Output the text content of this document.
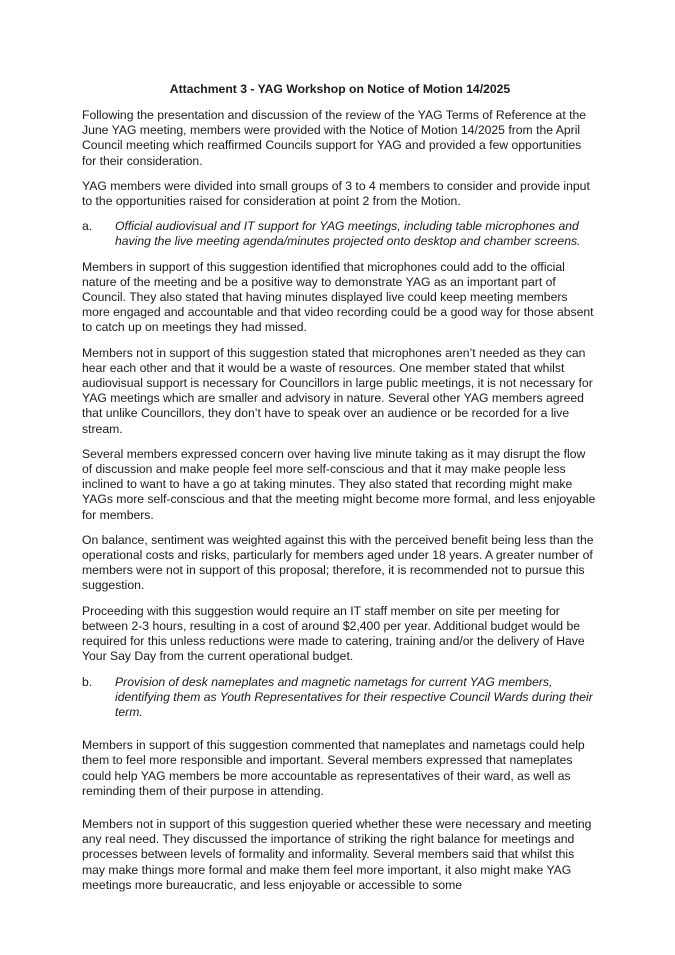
Attachment 3 - YAG Workshop on Notice of Motion 14/2025

Following the presentation and discussion of the review of the YAG Terms of Reference at the June YAG meeting, members were provided with the Notice of Motion 14/2025 from the April Council meeting which reaffirmed Councils support for YAG and provided a few opportunities for their consideration.

YAG members were divided into small groups of 3 to 4 members to consider and provide input to the opportunities raised for consideration at point 2 from the Motion.

a.	Official audiovisual and IT support for YAG meetings, including table microphones and having the live meeting agenda/minutes projected onto desktop and chamber screens.

Members in support of this suggestion identified that microphones could add to the official nature of the meeting and be a positive way to demonstrate YAG as an important part of Council. They also stated that having minutes displayed live could keep meeting members more engaged and accountable and that video recording could be a good way for those absent to catch up on meetings they had missed.

Members not in support of this suggestion stated that microphones aren’t needed as they can hear each other and that it would be a waste of resources. One member stated that whilst audiovisual support is necessary for Councillors in large public meetings, it is not necessary for YAG meetings which are smaller and advisory in nature. Several other YAG members agreed that unlike Councillors, they don’t have to speak over an audience or be recorded for a live stream.

Several members expressed concern over having live minute taking as it may disrupt the flow of discussion and make people feel more self-conscious and that it may make people less inclined to want to have a go at taking minutes. They also stated that recording might make YAGs more self-conscious and that the meeting might become more formal, and less enjoyable for members.

On balance, sentiment was weighted against this with the perceived benefit being less than the operational costs and risks, particularly for members aged under 18 years. A greater number of members were not in support of this proposal; therefore, it is recommended not to pursue this suggestion.

Proceeding with this suggestion would require an IT staff member on site per meeting for between 2-3 hours, resulting in a cost of around $2,400 per year. Additional budget would be required for this unless reductions were made to catering, training and/or the delivery of Have Your Say Day from the current operational budget.

b.	Provision of desk nameplates and magnetic nametags for current YAG members, identifying them as Youth Representatives for their respective Council Wards during their term.

Members in support of this suggestion commented that nameplates and nametags could help them to feel more responsible and important. Several members expressed that nameplates could help YAG members be more accountable as representatives of their ward, as well as reminding them of their purpose in attending.

Members not in support of this suggestion queried whether these were necessary and meeting any real need. They discussed the importance of striking the right balance for meetings and processes between levels of formality and informality. Several members said that whilst this may make things more formal and make them feel more important, it also might make YAG meetings more bureaucratic, and less enjoyable or accessible to some
